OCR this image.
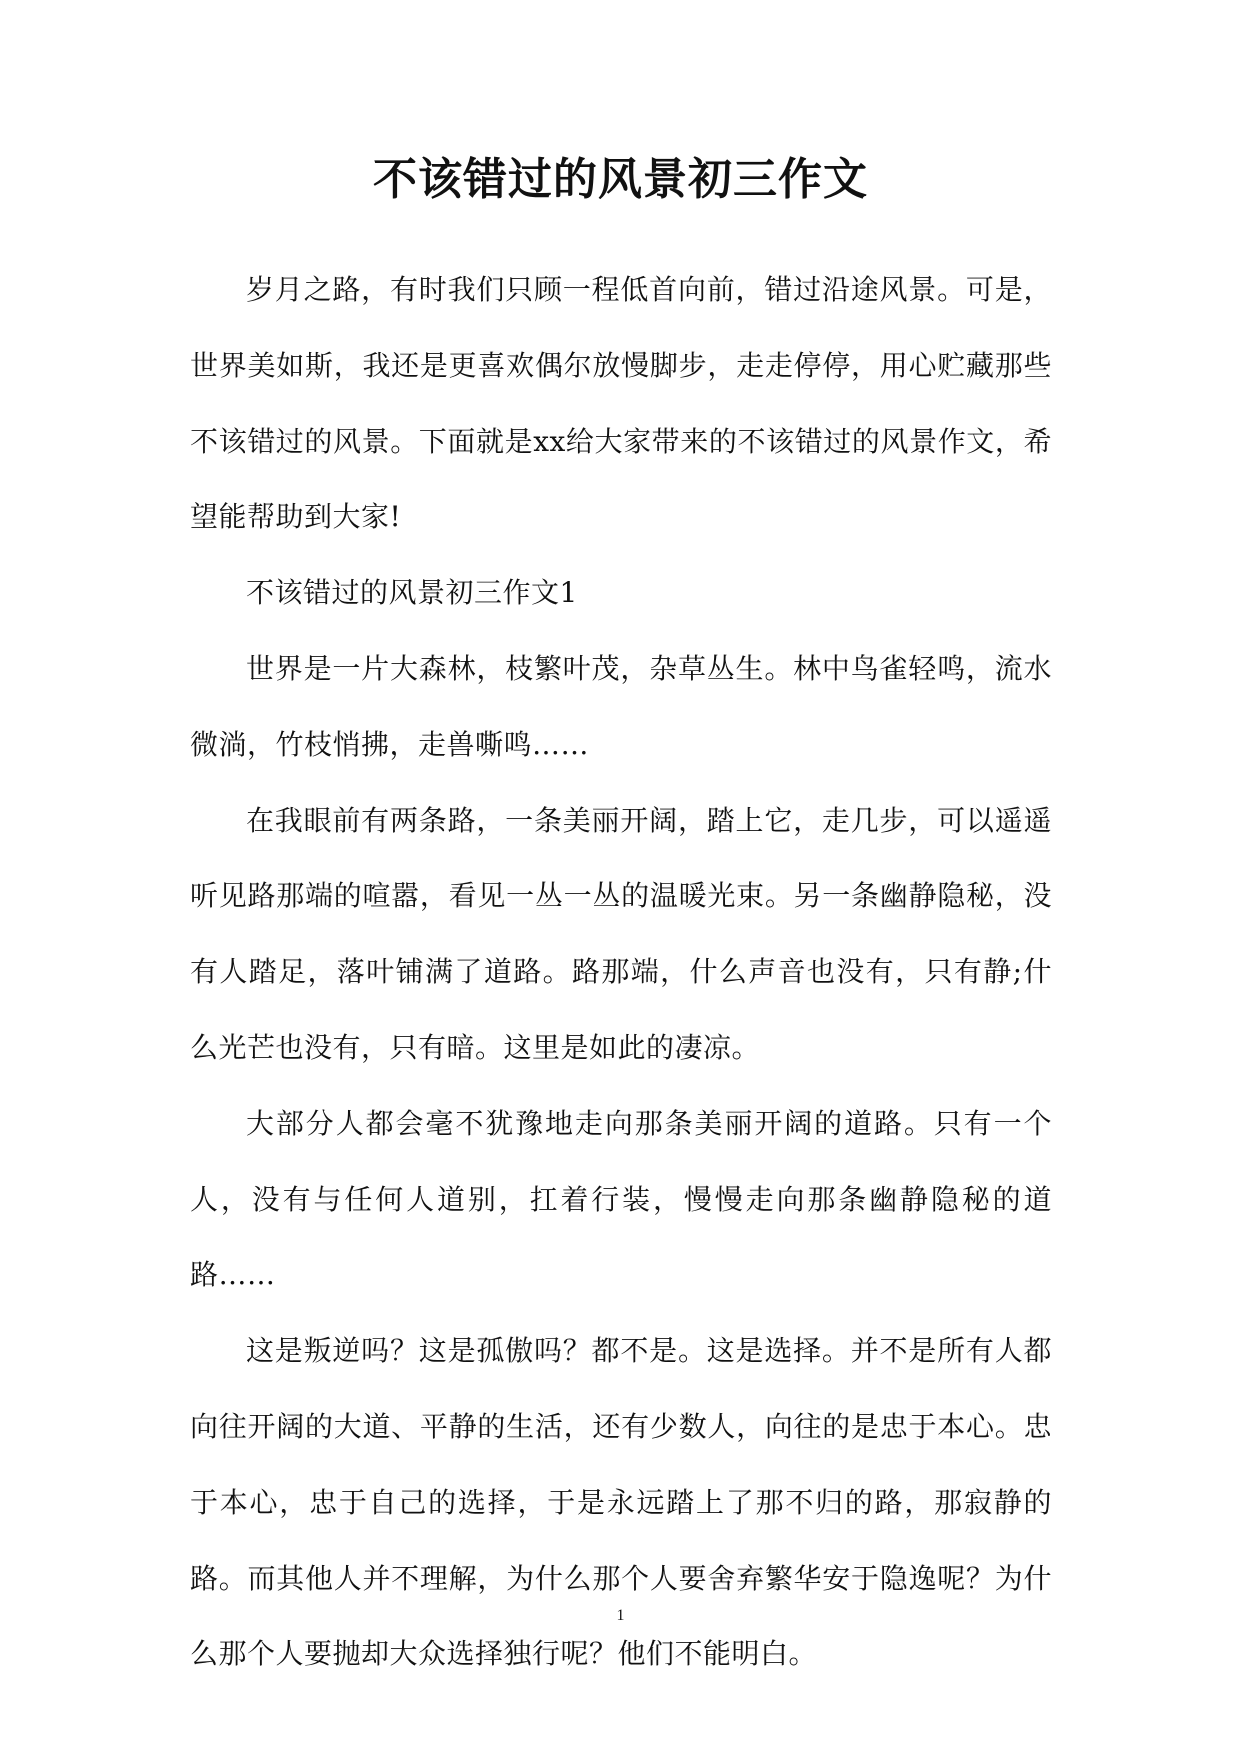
不该错过的风景初三作文

岁月之路，有时我们只顾一程低首向前，错过沿途风景。可是，世界美如斯，我还是更喜欢偶尔放慢脚步，走走停停，用心贮藏那些不该错过的风景。下面就是xx给大家带来的不该错过的风景作文，希望能帮助到大家!

不该错过的风景初三作文1

世界是一片大森林，枝繁叶茂，杂草丛生。林中鸟雀轻鸣，流水微淌，竹枝悄拂，走兽嘶鸣……

在我眼前有两条路，一条美丽开阔，踏上它，走几步，可以遥遥听见路那端的喧嚣，看见一丛一丛的温暖光束。另一条幽静隐秘，没有人踏足，落叶铺满了道路。路那端，什么声音也没有，只有静;什么光芒也没有，只有暗。这里是如此的凄凉。

大部分人都会毫不犹豫地走向那条美丽开阔的道路。只有一个人，没有与任何人道别，扛着行装，慢慢走向那条幽静隐秘的道路……

这是叛逆吗？这是孤傲吗？都不是。这是选择。并不是所有人都向往开阔的大道、平静的生活，还有少数人，向往的是忠于本心。忠于本心，忠于自己的选择，于是永远踏上了那不归的路，那寂静的路。而其他人并不理解，为什么那个人要舍弃繁华安于隐逸呢？为什么那个人要抛却大众选择独行呢？他们不能明白。

1
